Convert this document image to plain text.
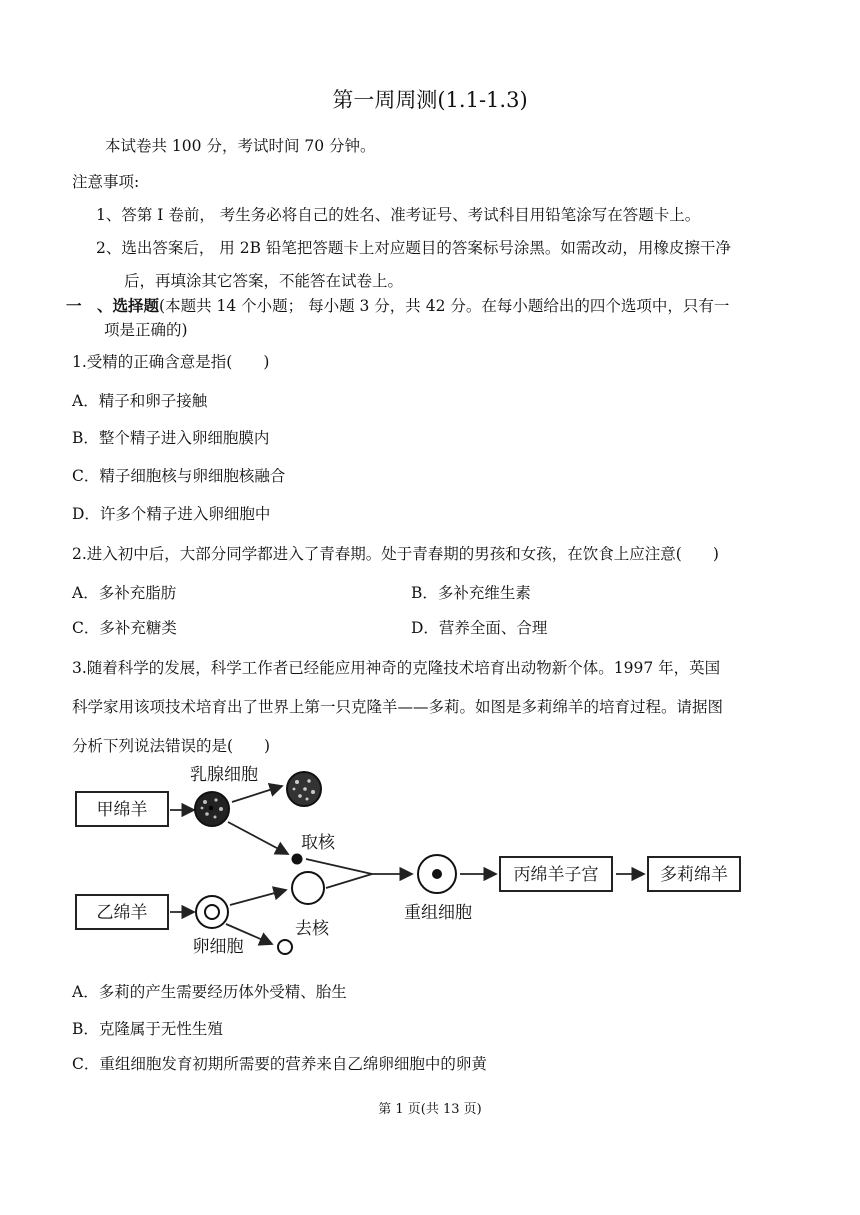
第一周周测(1.1-1.3)
本试卷共 100 分，考试时间 70 分钟。
注意事项:
1、答第 I 卷前， 考生务必将自己的姓名、准考证号、考试科目用铅笔涂写在答题卡上。
2、选出答案后， 用 2B 铅笔把答题卡上对应题目的答案标号涂黑。如需改动，用橡皮擦干净
后，再填涂其它答案，不能答在试卷上。
一　、选择题(本题共 14 个小题； 每小题 3 分，共 42 分。在每小题给出的四个选项中，只有一
项是正确的)
1.受精的正确含意是指(　　)
A．精子和卵子接触
B．整个精子进入卵细胞膜内
C．精子细胞核与卵细胞核融合
D．许多个精子进入卵细胞中
2.进入初中后，大部分同学都进入了青春期。处于青春期的男孩和女孩，在饮食上应注意(　　)
A．多补充脂肪	B．多补充维生素
C．多补充糖类	D．营养全面、合理
3.随着科学的发展，科学工作者已经能应用神奇的克隆技术培育出动物新个体。1997 年，英国
科学家用该项技术培育出了世界上第一只克隆羊——多莉。如图是多莉绵羊的培育过程。请据图
分析下列说法错误的是(　　)
甲绵羊
乳腺细胞
取核
乙绵羊
卵细胞
去核
重组细胞
丙绵羊子宫	多莉绵羊
A．多莉的产生需要经历体外受精、胎生
B．克隆属于无性生殖
C．重组细胞发育初期所需要的营养来自乙绵卵细胞中的卵黄
第 1 页(共 13 页)
